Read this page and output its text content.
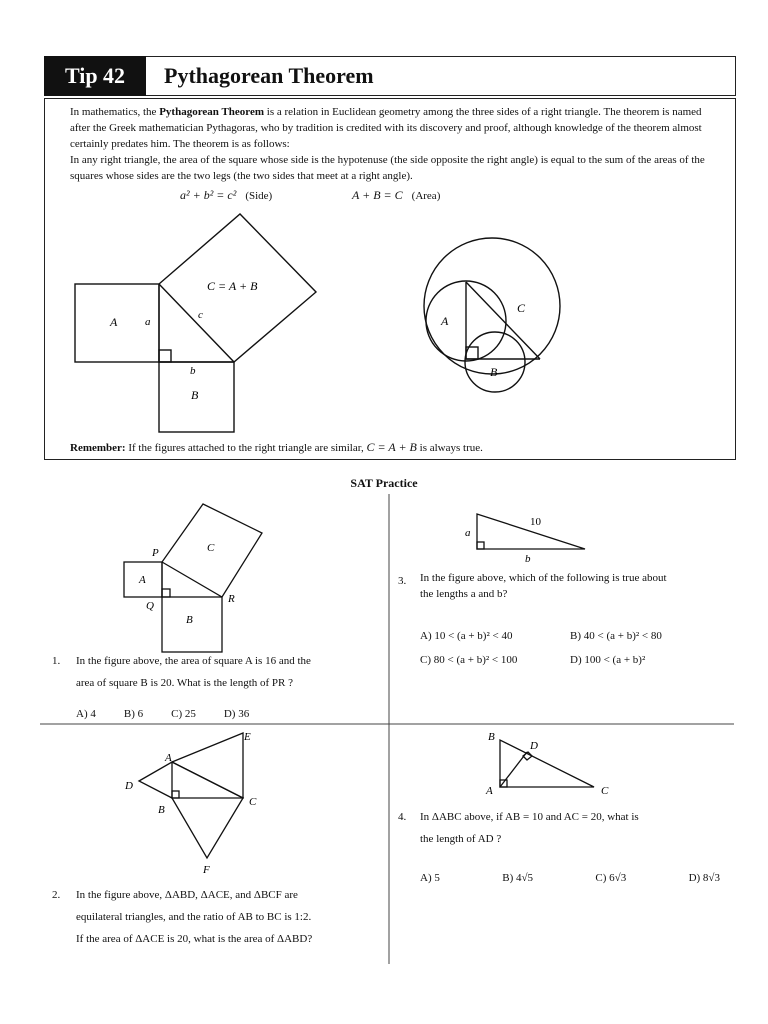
Tip 42	Pythagorean Theorem
In mathematics, the Pythagorean Theorem is a relation in Euclidean geometry among the three sides of a right triangle. The theorem is named after the Greek mathematician Pythagoras, who by tradition is credited with its discovery and proof, although knowledge of the theorem almost certainly predates him. The theorem is as follows:
In any right triangle, the area of the square whose side is the hypotenuse (the side opposite the right angle) is equal to the sum of the areas of the squares whose sides are the two legs (the two sides that meet at a right angle).
a² + b² = c² (Side)	A + B = C (Area)
A	a
c
C = A + B
b
B
A
C
B
P	C
A
Q
R
B
a
10
b
A
E
D
B
C
F
B
D
A	C
Remember: If the figures attached to the right triangle are similar, C = A + B is always true.
SAT Practice
1. In the figure above, the area of square A is 16 and the
area of square B is 20. What is the length of PR ?
A) 4	B) 6	C) 25	D) 36
3. In the figure above, which of the following is true about
the lengths a and b?
A) 10 < (a + b)² < 40	B) 40 < (a + b)² < 80
C) 80 < (a + b)² < 100	D) 100 < (a + b)²
2. In the figure above, ΔABD, ΔACE, and ΔBCF are
equilateral triangles, and the ratio of AB to BC is 1:2.
If the area of ΔACE is 20, what is the area of ΔABD?
4. In ΔABC above, if AB = 10 and AC = 20, what is
the length of AD ?
A) 5	B) 4√5	C) 6√3	D) 8√3
